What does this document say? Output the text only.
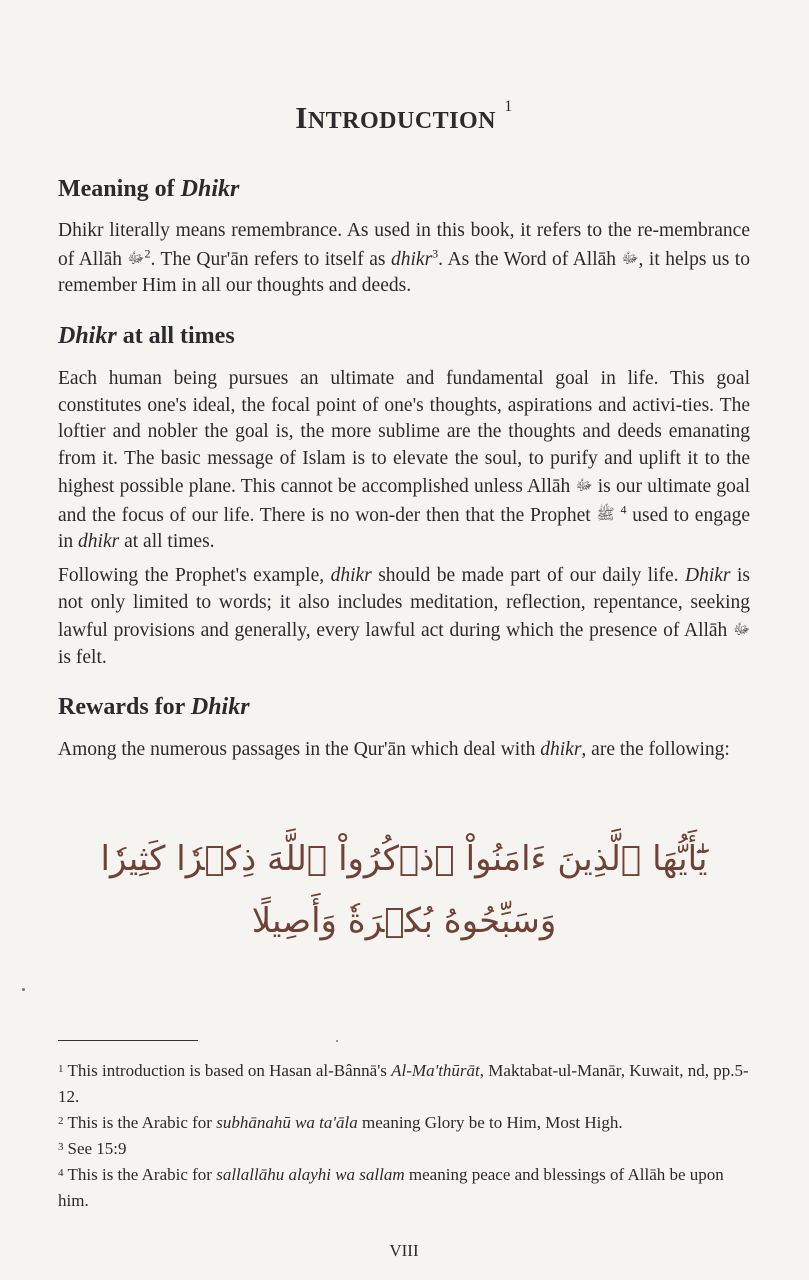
INTRODUCTION $^1$
Meaning of Dhikr

Dhikr literally means remembrance. As used in this book, it refers to the re-membrance of Allāh ﷻ$^2$. The Qur'ān refers to itself as dhikr$^3$. As the Word of Allāh ﷻ, it helps us to remember Him in all our thoughts and deeds.

Dhikr at all times

Each human being pursues an ultimate and fundamental goal in life. This goal constitutes one's ideal, the focal point of one's thoughts, aspirations and activi-ties. The loftier and nobler the goal is, the more sublime are the thoughts and deeds emanating from it. The basic message of Islam is to elevate the soul, to purify and uplift it to the highest possible plane. This cannot be accomplished unless Allāh ﷻ is our ultimate goal and the focus of our life. There is no won-der then that the Prophet ﷺ $^4$ used to engage in dhikr at all times.

Following the Prophet's example, dhikr should be made part of our daily life. Dhikr is not only limited to words; it also includes meditation, reflection, repentance, seeking lawful provisions and generally, every lawful act during which the presence of Allāh ﷻ is felt.

Rewards for Dhikr

Among the numerous passages in the Qur'ān which deal with dhikr, are the following:

يَٰٓأَيُّهَا ٱلَّذِينَ ءَامَنُواْ ٱذۡكُرُواْ ٱللَّهَ ذِكۡرٗا كَثِيرٗا
وَسَبِّحُوهُ بُكۡرَةٗ وَأَصِيلًا

$^1$ This introduction is based on Hasan al-Bânnā's Al-Ma'thūrāt, Maktabat-ul-Manār, Kuwait, nd, pp.5-12.

$^2$ This is the Arabic for subhānahū wa ta'āla meaning Glory be to Him, Most High.

$^3$ See 15:9

$^4$ This is the Arabic for sallallāhu alayhi wa sallam meaning peace and blessings of Allāh be upon him.

VIII
